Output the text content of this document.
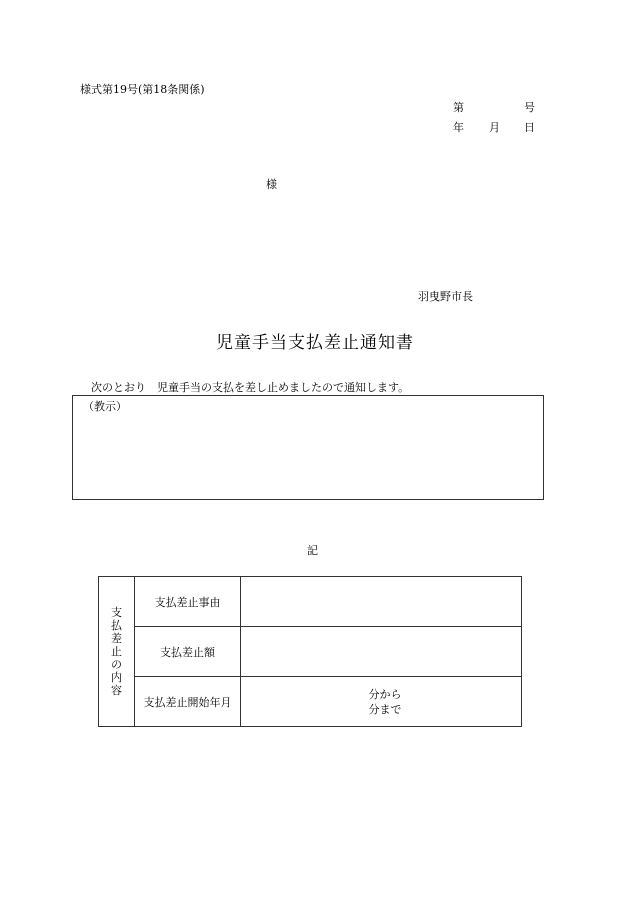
様式第19号(第18条関係)
第	号
年 月 日
様
羽曳野市長
児童手当支払差止通知書
次のとおり　児童手当の支払を差し止めましたので通知します。
（教示）
記
支払差止の内容	支払差止事由	
	支払差止額	
	支払差止開始年月	分から
分まで
